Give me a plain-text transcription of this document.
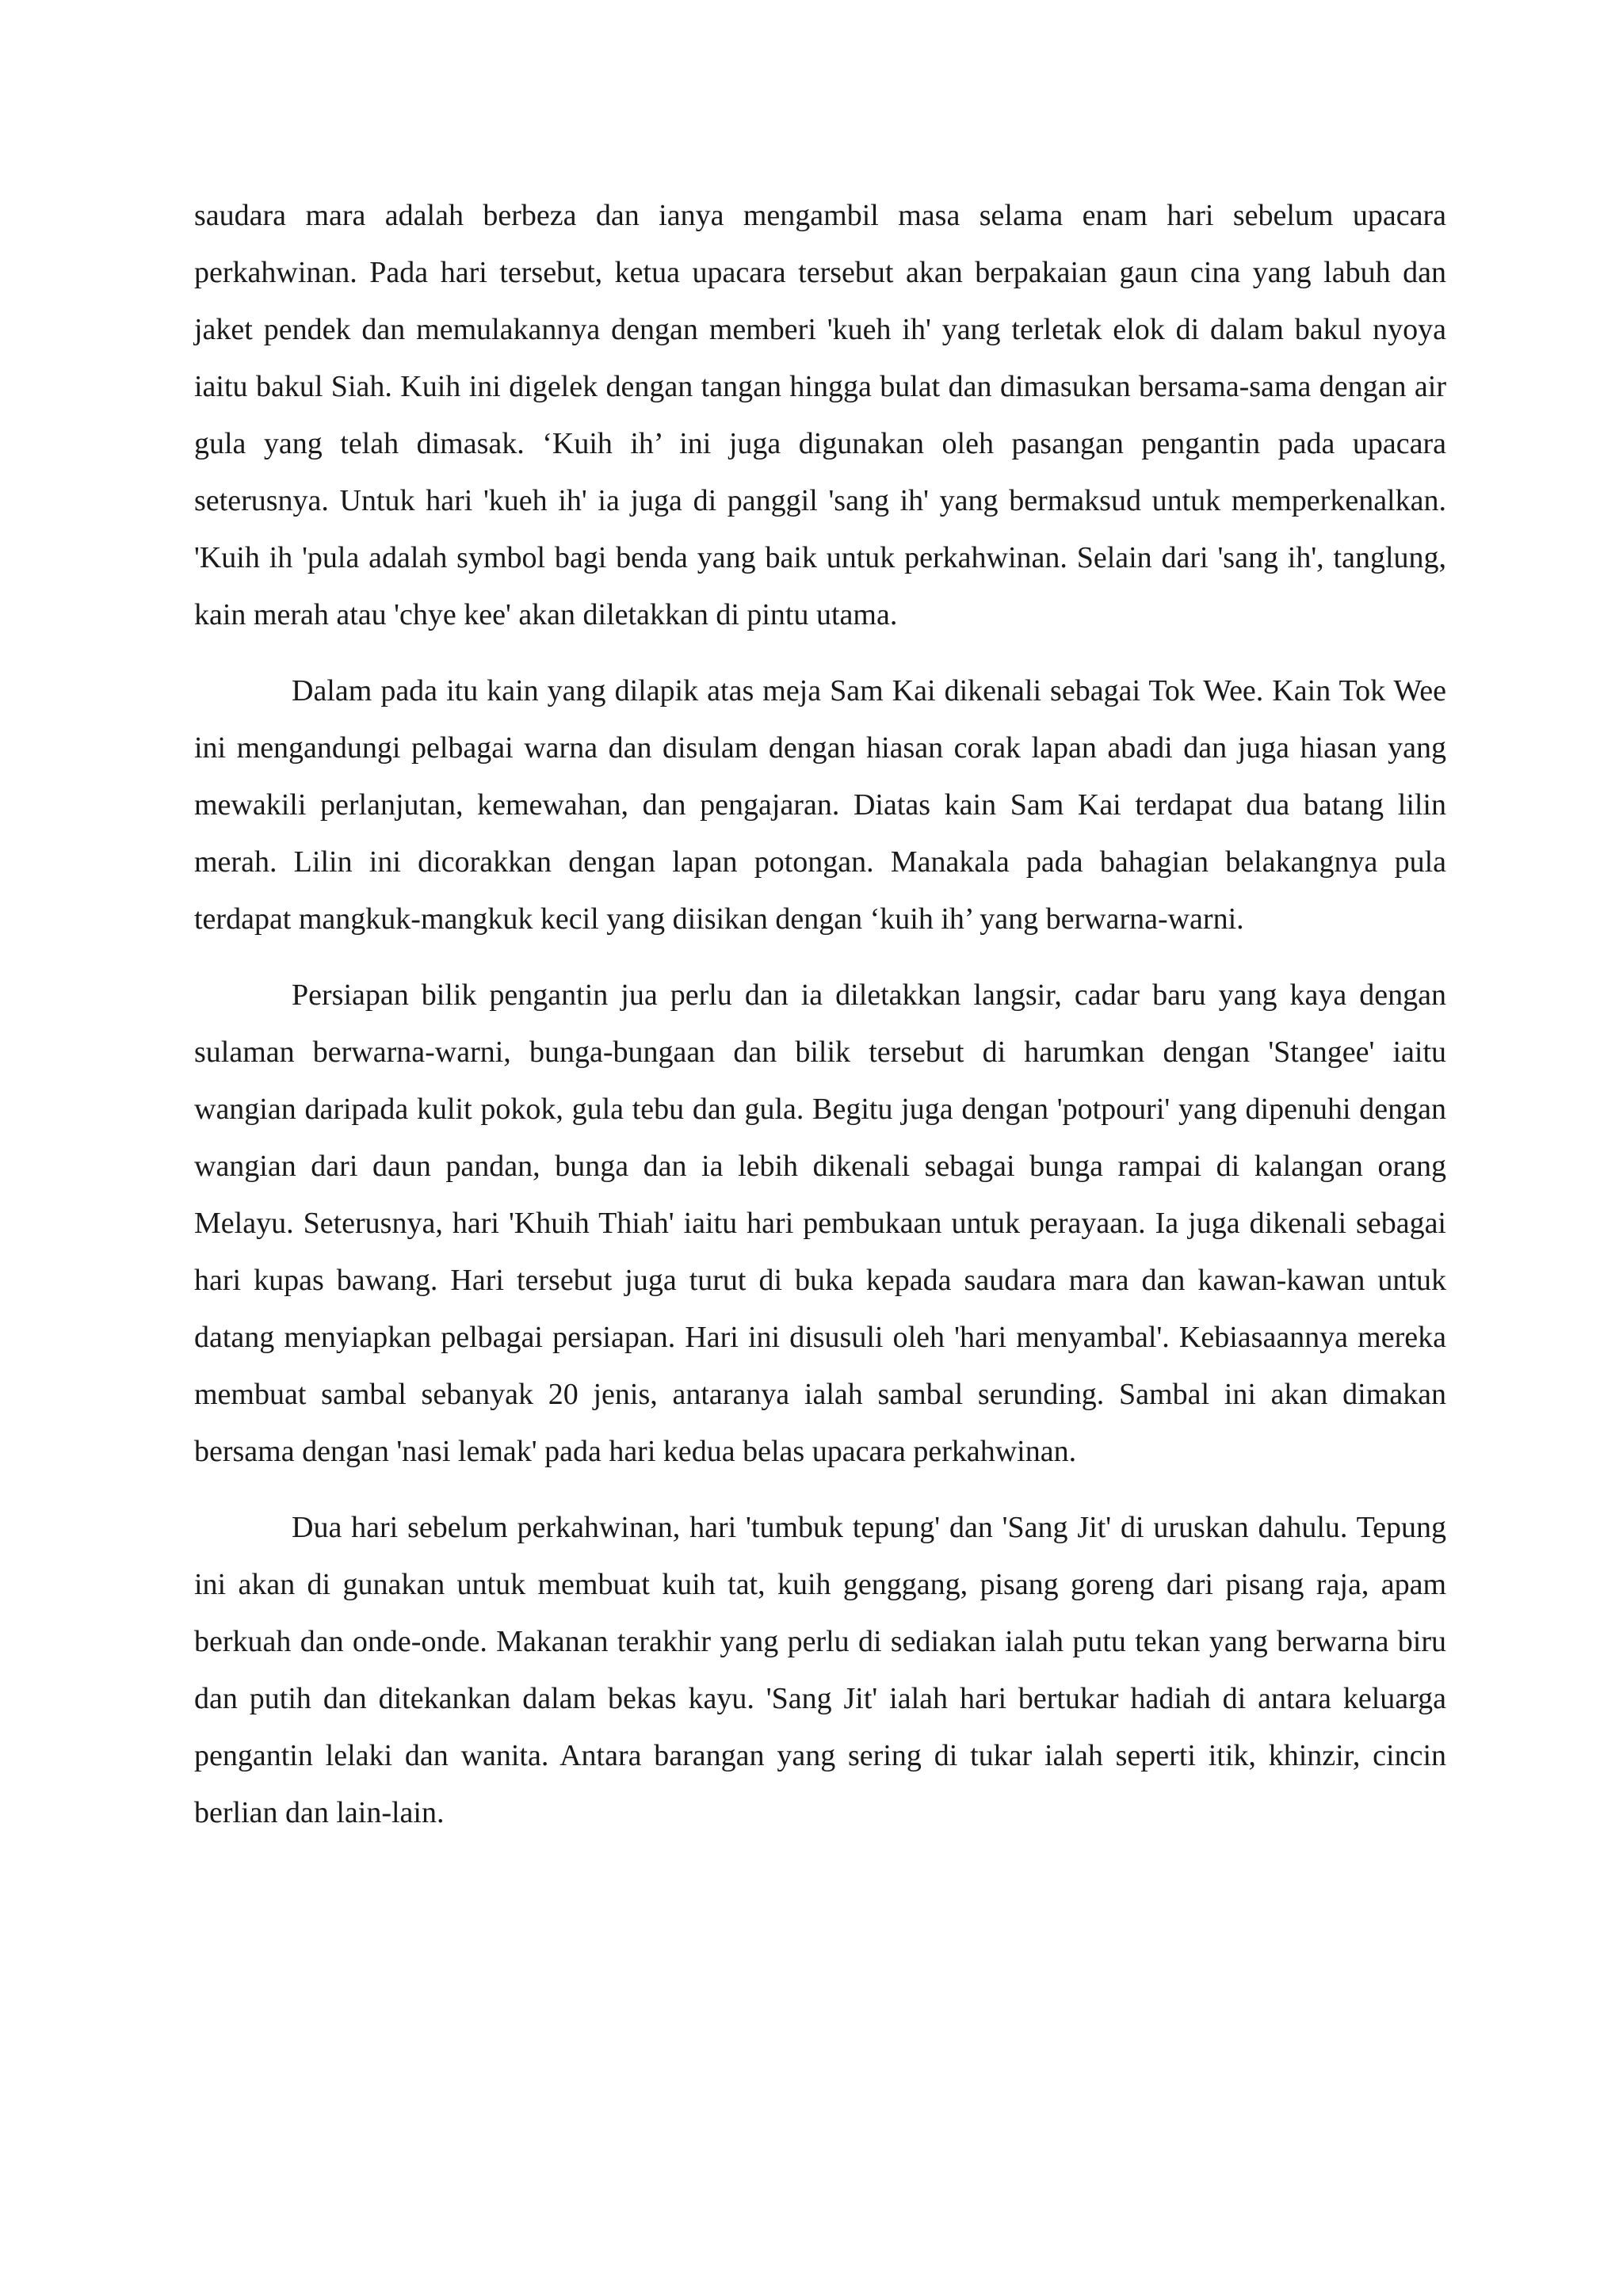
saudara mara adalah berbeza dan ianya mengambil masa selama enam hari sebelum upacara perkahwinan. Pada hari tersebut, ketua upacara tersebut akan berpakaian gaun cina yang labuh dan jaket pendek dan memulakannya dengan memberi 'kueh ih' yang terletak elok di dalam bakul nyoya iaitu bakul Siah. Kuih ini digelek dengan tangan hingga bulat dan dimasukan bersama-sama dengan air gula yang telah dimasak. ‘Kuih ih’ ini juga digunakan oleh pasangan pengantin pada upacara seterusnya. Untuk hari 'kueh ih' ia juga di panggil 'sang ih' yang bermaksud untuk memperkenalkan. 'Kuih ih 'pula adalah symbol bagi benda yang baik untuk perkahwinan. Selain dari 'sang ih', tanglung, kain merah atau 'chye kee' akan diletakkan di pintu utama.

Dalam pada itu kain yang dilapik atas meja Sam Kai dikenali sebagai Tok Wee. Kain Tok Wee ini mengandungi pelbagai warna dan disulam dengan hiasan corak lapan abadi dan juga hiasan yang mewakili perlanjutan, kemewahan, dan pengajaran. Diatas kain Sam Kai terdapat dua batang lilin merah. Lilin ini dicorakkan dengan lapan potongan. Manakala pada bahagian belakangnya pula terdapat mangkuk-mangkuk kecil yang diisikan dengan ‘kuih ih’ yang berwarna-warni.

Persiapan bilik pengantin jua perlu dan ia diletakkan langsir, cadar baru yang kaya dengan sulaman berwarna-warni, bunga-bungaan dan bilik tersebut di harumkan dengan 'Stangee' iaitu wangian daripada kulit pokok, gula tebu dan gula. Begitu juga dengan 'potpouri' yang dipenuhi dengan wangian dari daun pandan, bunga dan ia lebih dikenali sebagai bunga rampai di kalangan orang Melayu. Seterusnya, hari 'Khuih Thiah' iaitu hari pembukaan untuk perayaan. Ia juga dikenali sebagai hari kupas bawang. Hari tersebut juga turut di buka kepada saudara mara dan kawan-kawan untuk datang menyiapkan pelbagai persiapan. Hari ini disusuli oleh 'hari menyambal'. Kebiasaannya mereka membuat sambal sebanyak 20 jenis, antaranya ialah sambal serunding. Sambal ini akan dimakan bersama dengan 'nasi lemak' pada hari kedua belas upacara perkahwinan.

Dua hari sebelum perkahwinan, hari 'tumbuk tepung' dan 'Sang Jit' di uruskan dahulu. Tepung ini akan di gunakan untuk membuat kuih tat, kuih genggang, pisang goreng dari pisang raja, apam berkuah dan onde-onde. Makanan terakhir yang perlu di sediakan ialah putu tekan yang berwarna biru dan putih dan ditekankan dalam bekas kayu. 'Sang Jit' ialah hari bertukar hadiah di antara keluarga pengantin lelaki dan wanita. Antara barangan yang sering di tukar ialah seperti itik, khinzir, cincin berlian dan lain-lain.
